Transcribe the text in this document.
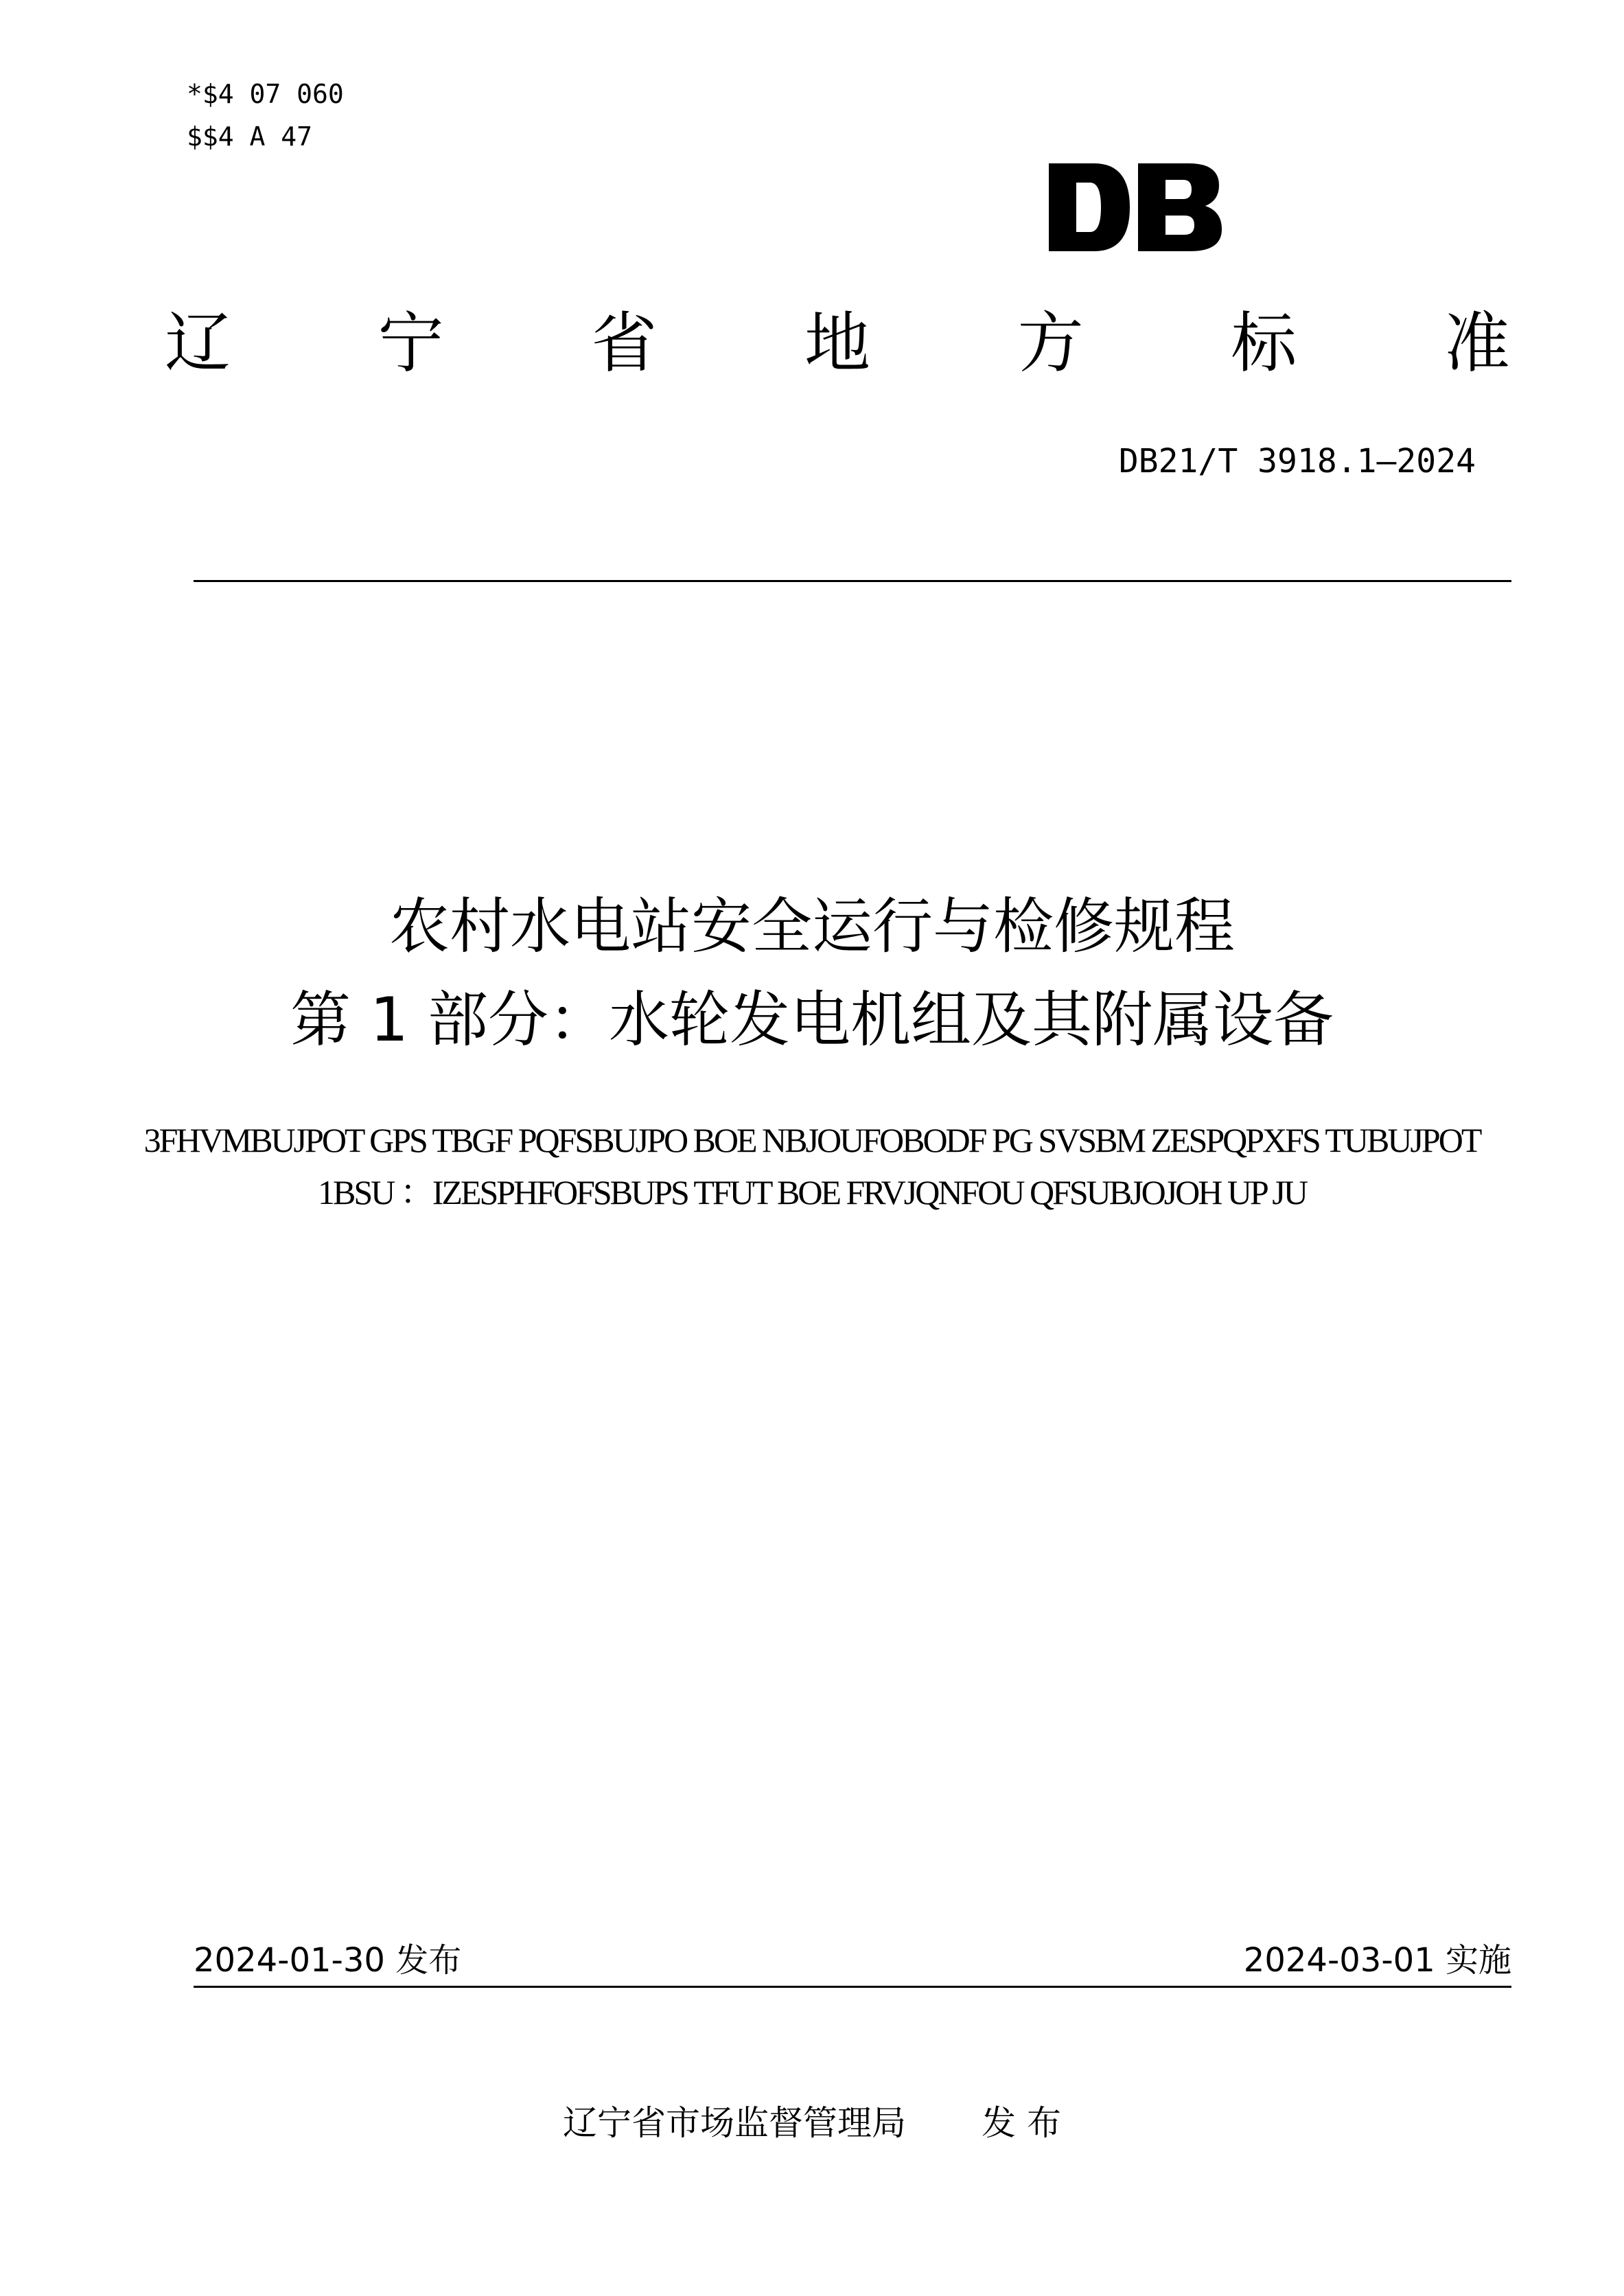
*$4 07 060
$$4 A 47
辽 宁 省 地 方 标 准
DB21/T 3918.1—2024
农村水电站安全运行与检修规程
第 1 部分：水轮发电机组及其附属设备
3FHVMBUJPOT GPS TBGF PQFSBUJPO BOE NBJOUFOBODF PG SVSBM ZESPQPXFS TUBUJPOT
1BSU ：IZESPHFOFSBUPS TFUT BOE FRVJQNFOU QFSUBJOJOH UP JU
2024-01-30 发布	2024-03-01 实施
辽宁省市场监督管理局 发 布
